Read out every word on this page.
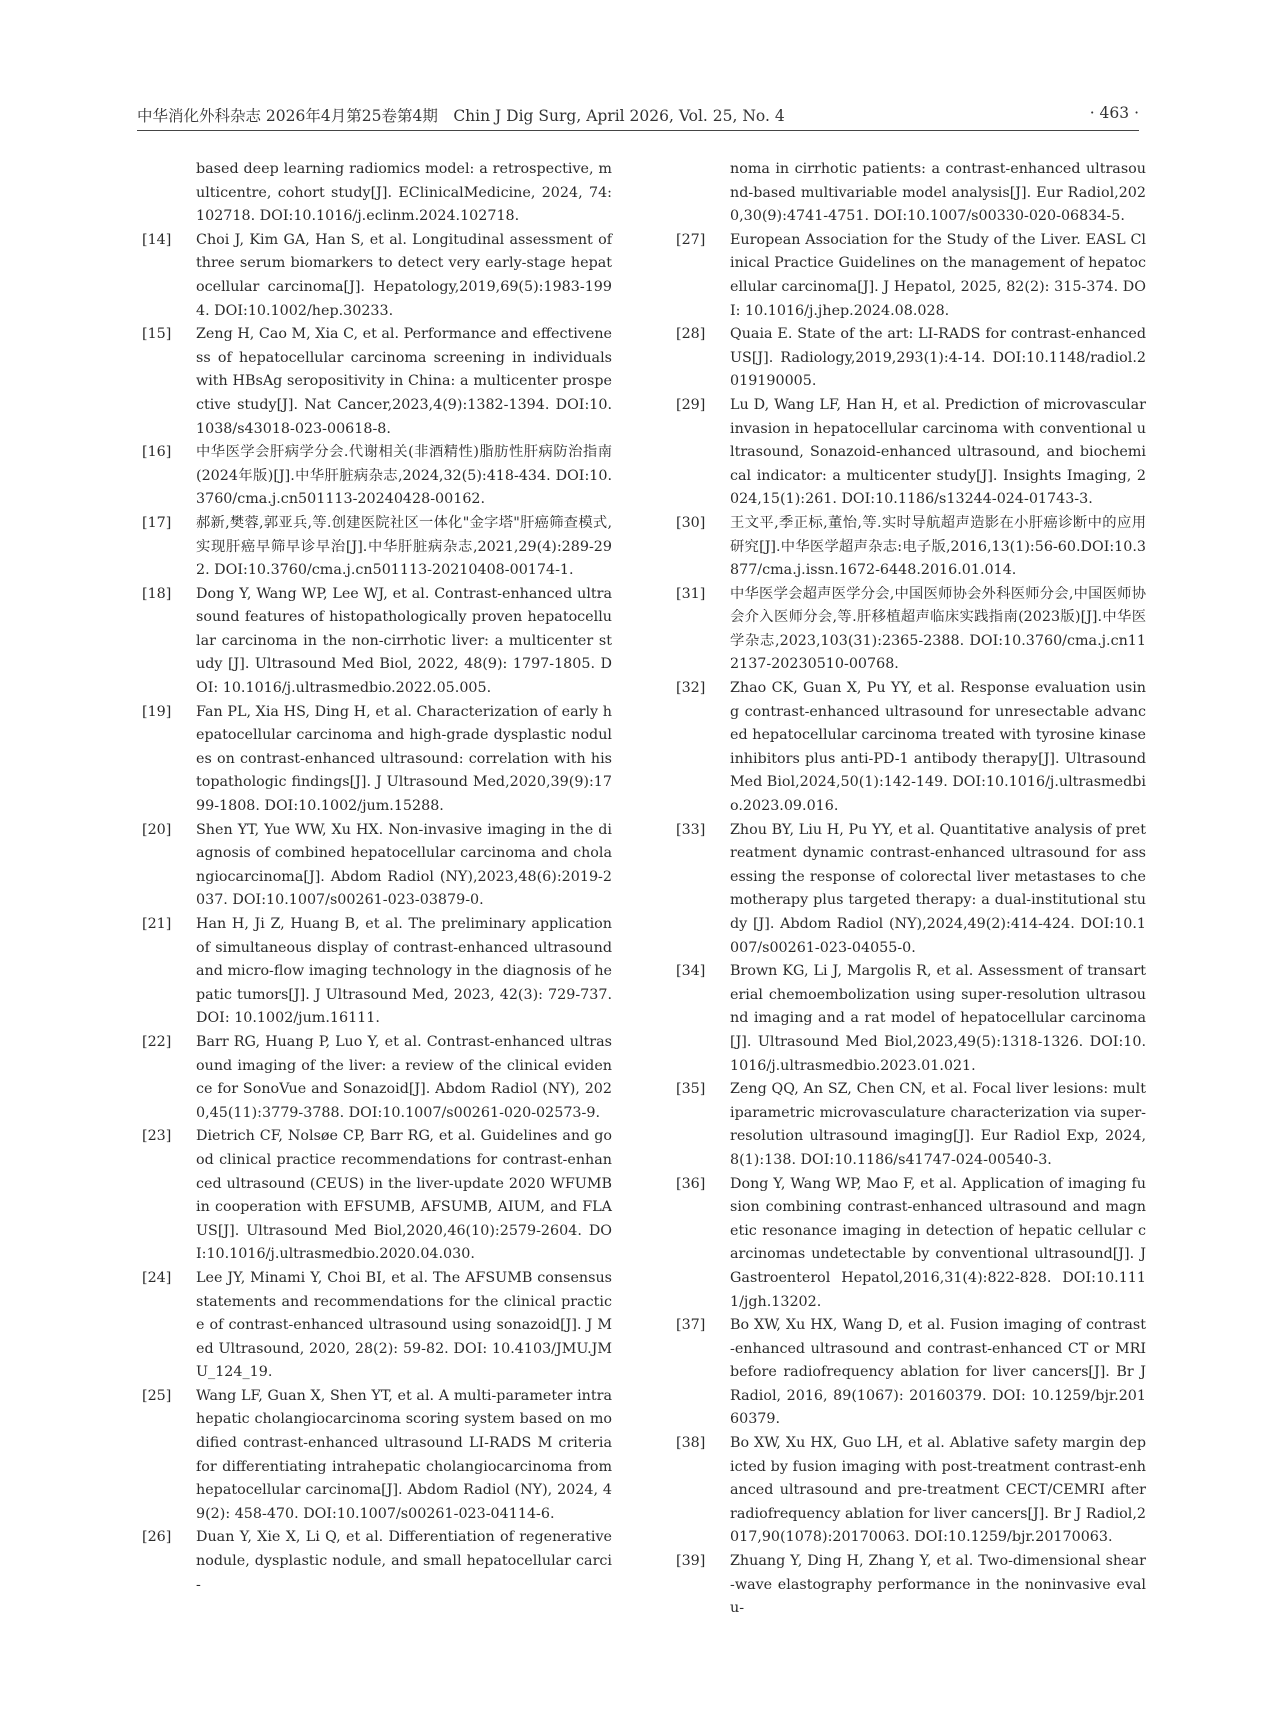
中华消化外科杂志 2026年4月第25卷第4期　Chin J Dig Surg, April 2026, Vol. 25, No. 4	· 463 ·
based deep learning radiomics model: a retrospective, multicentre, cohort study[J]. EClinicalMedicine, 2024, 74: 102718. DOI:10.1016/j.eclinm.2024.102718.
[14]	Choi J, Kim GA, Han S, et al. Longitudinal assessment of three serum biomarkers to detect very early-stage hepatocellular carcinoma[J]. Hepatology,2019,69(5):1983-1994. DOI:10.1002/hep.30233.
[15]	Zeng H, Cao M, Xia C, et al. Performance and effectiveness of hepatocellular carcinoma screening in individuals with HBsAg seropositivity in China: a multicenter prospective study[J]. Nat Cancer,2023,4(9):1382-1394. DOI:10.1038/s43018-023-00618-8.
[16]	中华医学会肝病学分会.代谢相关(非酒精性)脂肪性肝病防治指南(2024年版)[J].中华肝脏病杂志,2024,32(5):418-434. DOI:10.3760/cma.j.cn501113-20240428-00162.
[17]	郝新,樊蓉,郭亚兵,等.创建医院社区一体化"金字塔"肝癌筛查模式,实现肝癌早筛早诊早治[J].中华肝脏病杂志,2021,29(4):289-292. DOI:10.3760/cma.j.cn501113-20210408-00174-1.
[18]	Dong Y, Wang WP, Lee WJ, et al. Contrast-enhanced ultrasound features of histopathologically proven hepatocellular carcinoma in the non-cirrhotic liver: a multicenter study [J]. Ultrasound Med Biol, 2022, 48(9): 1797-1805. DOI: 10.1016/j.ultrasmedbio.2022.05.005.
[19]	Fan PL, Xia HS, Ding H, et al. Characterization of early hepatocellular carcinoma and high-grade dysplastic nodules on contrast-enhanced ultrasound: correlation with histopathologic findings[J]. J Ultrasound Med,2020,39(9):1799-1808. DOI:10.1002/jum.15288.
[20]	Shen YT, Yue WW, Xu HX. Non-invasive imaging in the diagnosis of combined hepatocellular carcinoma and cholangiocarcinoma[J]. Abdom Radiol (NY),2023,48(6):2019-2037. DOI:10.1007/s00261-023-03879-0.
[21]	Han H, Ji Z, Huang B, et al. The preliminary application of simultaneous display of contrast-enhanced ultrasound and micro-flow imaging technology in the diagnosis of hepatic tumors[J]. J Ultrasound Med, 2023, 42(3): 729-737. DOI: 10.1002/jum.16111.
[22]	Barr RG, Huang P, Luo Y, et al. Contrast-enhanced ultrasound imaging of the liver: a review of the clinical evidence for SonoVue and Sonazoid[J]. Abdom Radiol (NY), 2020,45(11):3779-3788. DOI:10.1007/s00261-020-02573-9.
[23]	Dietrich CF, Nolsøe CP, Barr RG, et al. Guidelines and good clinical practice recommendations for contrast-enhanced ultrasound (CEUS) in the liver-update 2020 WFUMB in cooperation with EFSUMB, AFSUMB, AIUM, and FLAUS[J]. Ultrasound Med Biol,2020,46(10):2579-2604. DOI:10.1016/j.ultrasmedbio.2020.04.030.
[24]	Lee JY, Minami Y, Choi BI, et al. The AFSUMB consensus statements and recommendations for the clinical practice of contrast-enhanced ultrasound using sonazoid[J]. J Med Ultrasound, 2020, 28(2): 59-82. DOI: 10.4103/JMU.JMU_124_19.
[25]	Wang LF, Guan X, Shen YT, et al. A multi-parameter intrahepatic cholangiocarcinoma scoring system based on modified contrast-enhanced ultrasound LI-RADS M criteria for differentiating intrahepatic cholangiocarcinoma from hepatocellular carcinoma[J]. Abdom Radiol (NY), 2024, 49(2): 458-470. DOI:10.1007/s00261-023-04114-6.
[26]	Duan Y, Xie X, Li Q, et al. Differentiation of regenerative nodule, dysplastic nodule, and small hepatocellular carci-
noma in cirrhotic patients: a contrast-enhanced ultrasound-based multivariable model analysis[J]. Eur Radiol,2020,30(9):4741-4751. DOI:10.1007/s00330-020-06834-5.
[27]	European Association for the Study of the Liver. EASL Clinical Practice Guidelines on the management of hepatocellular carcinoma[J]. J Hepatol, 2025, 82(2): 315-374. DOI: 10.1016/j.jhep.2024.08.028.
[28]	Quaia E. State of the art: LI-RADS for contrast-enhanced US[J]. Radiology,2019,293(1):4-14. DOI:10.1148/radiol.2019190005.
[29]	Lu D, Wang LF, Han H, et al. Prediction of microvascular invasion in hepatocellular carcinoma with conventional ultrasound, Sonazoid-enhanced ultrasound, and biochemical indicator: a multicenter study[J]. Insights Imaging, 2024,15(1):261. DOI:10.1186/s13244-024-01743-3.
[30]	王文平,季正标,董怡,等.实时导航超声造影在小肝癌诊断中的应用研究[J].中华医学超声杂志:电子版,2016,13(1):56-60.DOI:10.3877/cma.j.issn.1672-6448.2016.01.014.
[31]	中华医学会超声医学分会,中国医师协会外科医师分会,中国医师协会介入医师分会,等.肝移植超声临床实践指南(2023版)[J].中华医学杂志,2023,103(31):2365-2388. DOI:10.3760/cma.j.cn112137-20230510-00768.
[32]	Zhao CK, Guan X, Pu YY, et al. Response evaluation using contrast-enhanced ultrasound for unresectable advanced hepatocellular carcinoma treated with tyrosine kinase inhibitors plus anti-PD-1 antibody therapy[J]. Ultrasound Med Biol,2024,50(1):142-149. DOI:10.1016/j.ultrasmedbio.2023.09.016.
[33]	Zhou BY, Liu H, Pu YY, et al. Quantitative analysis of pretreatment dynamic contrast-enhanced ultrasound for assessing the response of colorectal liver metastases to chemotherapy plus targeted therapy: a dual-institutional study [J]. Abdom Radiol (NY),2024,49(2):414-424. DOI:10.1007/s00261-023-04055-0.
[34]	Brown KG, Li J, Margolis R, et al. Assessment of transarterial chemoembolization using super-resolution ultrasound imaging and a rat model of hepatocellular carcinoma[J]. Ultrasound Med Biol,2023,49(5):1318-1326. DOI:10.1016/j.ultrasmedbio.2023.01.021.
[35]	Zeng QQ, An SZ, Chen CN, et al. Focal liver lesions: multiparametric microvasculature characterization via super-resolution ultrasound imaging[J]. Eur Radiol Exp, 2024, 8(1):138. DOI:10.1186/s41747-024-00540-3.
[36]	Dong Y, Wang WP, Mao F, et al. Application of imaging fusion combining contrast-enhanced ultrasound and magnetic resonance imaging in detection of hepatic cellular carcinomas undetectable by conventional ultrasound[J]. J Gastroenterol Hepatol,2016,31(4):822-828. DOI:10.1111/jgh.13202.
[37]	Bo XW, Xu HX, Wang D, et al. Fusion imaging of contrast-enhanced ultrasound and contrast-enhanced CT or MRI before radiofrequency ablation for liver cancers[J]. Br J Radiol, 2016, 89(1067): 20160379. DOI: 10.1259/bjr.20160379.
[38]	Bo XW, Xu HX, Guo LH, et al. Ablative safety margin depicted by fusion imaging with post-treatment contrast-enhanced ultrasound and pre-treatment CECT/CEMRI after radiofrequency ablation for liver cancers[J]. Br J Radiol,2017,90(1078):20170063. DOI:10.1259/bjr.20170063.
[39]	Zhuang Y, Ding H, Zhang Y, et al. Two-dimensional shear-wave elastography performance in the noninvasive evalu-
